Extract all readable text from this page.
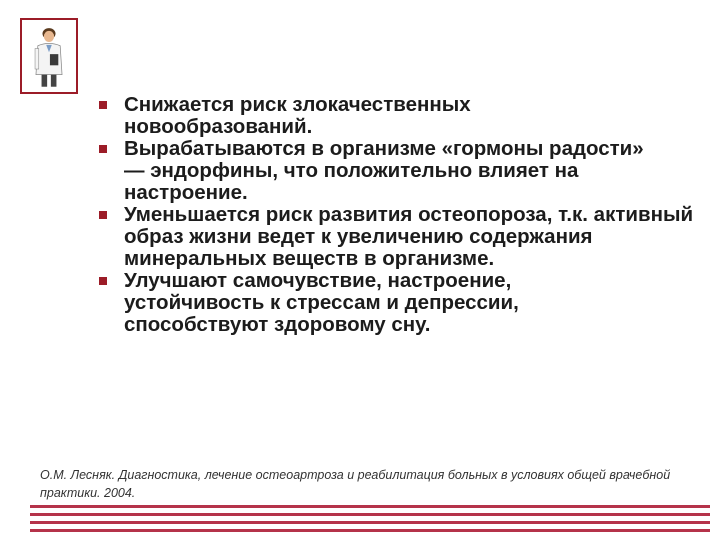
Снижается риск злокачественных новообразований.
Вырабатываются в организме «гормоны радости» — эндорфины, что положительно влияет на настроение.
Уменьшается риск развития остеопороза, т.к. активный образ жизни ведет к увеличению содержания минеральных веществ в организме.
Улучшают самочувствие, настроение, устойчивость к стрессам и депрессии, способствуют здоровому сну.
О.М. Лесняк. Диагностика, лечение остеоартроза и реабилитация больных в условиях общей врачебной практики. 2004.
